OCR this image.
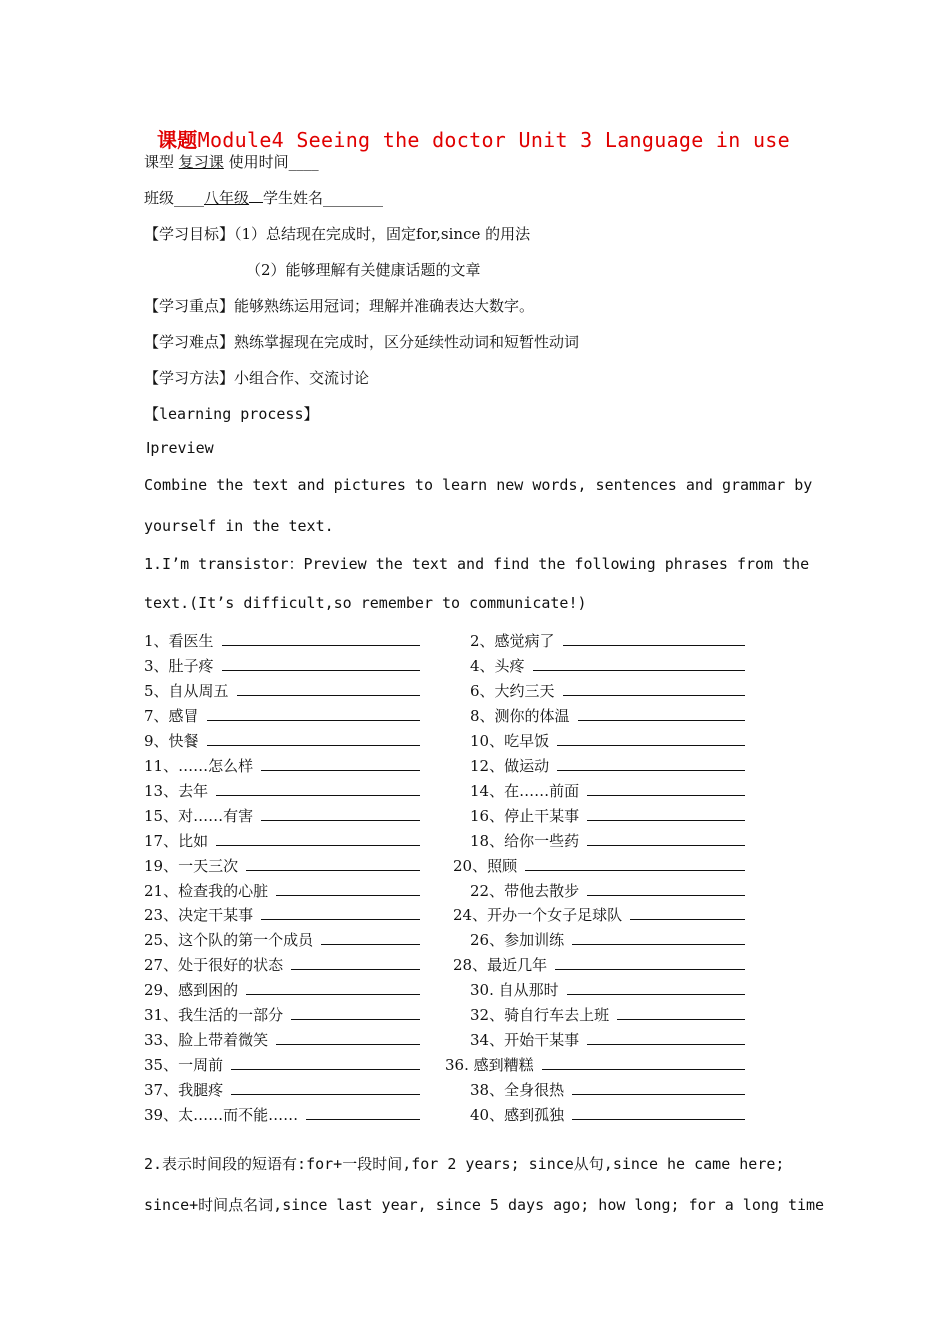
课题Module4 Seeing the doctor Unit 3 Language in use
课型 复习课 使用时间____
班级____八年级 学生姓名________
【学习目标】（1）总结现在完成时，固定for,since 的用法
（2）能够理解有关健康话题的文章
【学习重点】能够熟练运用冠词；理解并准确表达大数字。
【学习难点】熟练掌握现在完成时，区分延续性动词和短暂性动词
【学习方法】小组合作、交流讨论
【learning process】
Ⅰpreview
Combine the text and pictures to learn new words, sentences and grammar by
yourself in the text.
1.I’m transistor：Preview the text and find the following phrases from the
text.(It’s difficult,so remember to communicate!)
1、看医生	2、感觉病了
3、肚子疼	4、头疼
5、自从周五	6、大约三天
7、感冒	8、测你的体温
9、快餐	10、吃早饭
11、……怎么样	12、做运动
13、去年	14、在……前面
15、对……有害	16、停止干某事
17、比如	18、给你一些药
19、一天三次	20、照顾
21、检查我的心脏	22、带他去散步
23、决定干某事	24、开办一个女子足球队
25、这个队的第一个成员	26、参加训练
27、处于很好的状态	28、最近几年
29、感到困的	30. 自从那时
31、我生活的一部分	32、骑自行车去上班
33、脸上带着微笑	34、开始干某事
35、一周前	36. 感到糟糕
37、我腿疼	38、全身很热
39、太……而不能……	40、感到孤独
2.表示时间段的短语有:for+一段时间,for 2 years; since从句,since he came here;
since+时间点名词,since last year, since 5 days ago; how long; for a long time
